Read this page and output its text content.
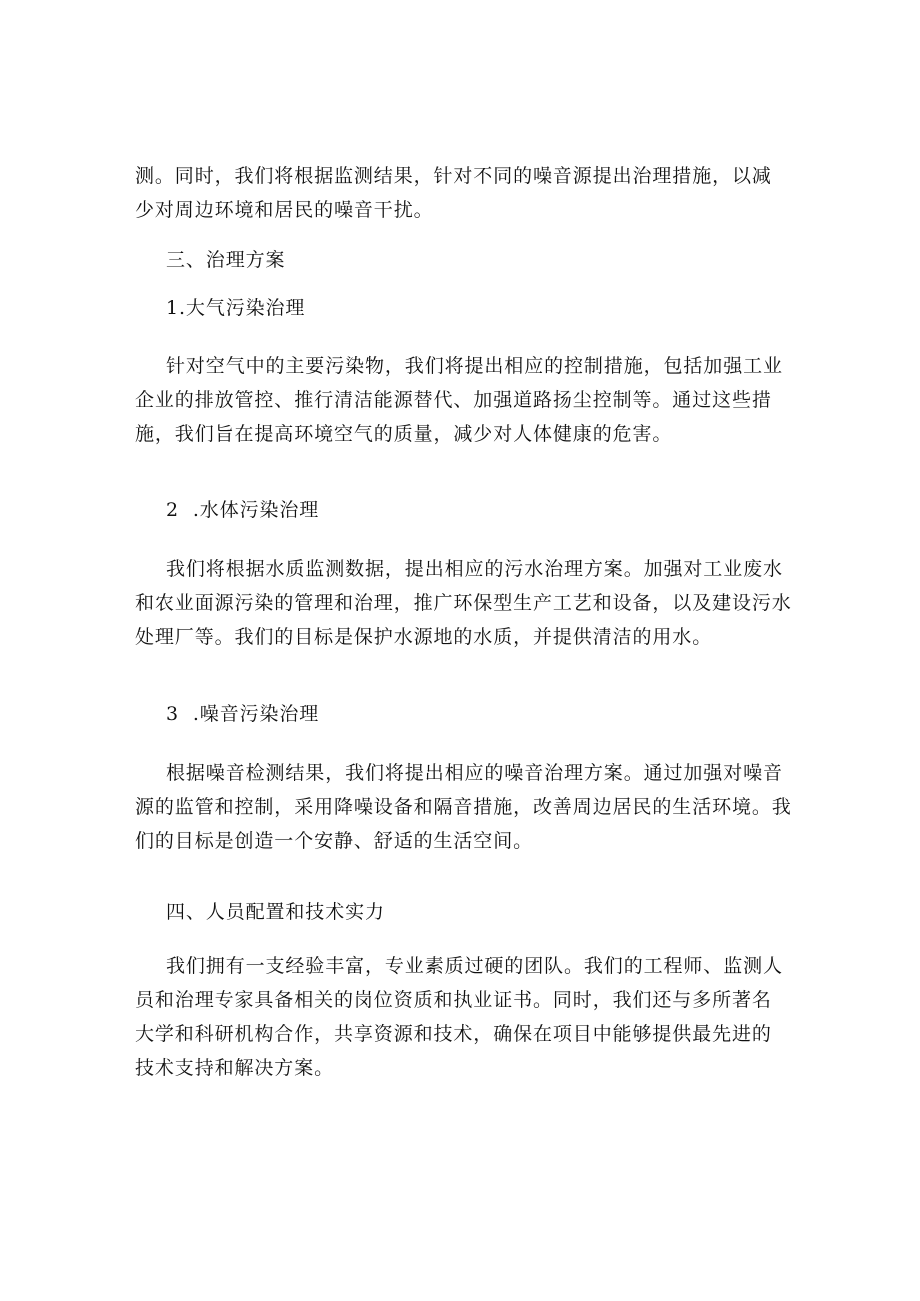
测。同时，我们将根据监测结果，针对不同的噪音源提出治理措施，以减
少对周边环境和居民的噪音干扰。
三、治理方案
1.大气污染治理
针对空气中的主要污染物，我们将提出相应的控制措施，包括加强工业
企业的排放管控、推行清洁能源替代、加强道路扬尘控制等。通过这些措
施，我们旨在提高环境空气的质量，减少对人体健康的危害。
2  .水体污染治理
我们将根据水质监测数据，提出相应的污水治理方案。加强对工业废水
和农业面源污染的管理和治理，推广环保型生产工艺和设备，以及建设污水
处理厂等。我们的目标是保护水源地的水质，并提供清洁的用水。
3  .噪音污染治理
根据噪音检测结果，我们将提出相应的噪音治理方案。通过加强对噪音
源的监管和控制，采用降噪设备和隔音措施，改善周边居民的生活环境。我
们的目标是创造一个安静、舒适的生活空间。
四、人员配置和技术实力
我们拥有一支经验丰富，专业素质过硬的团队。我们的工程师、监测人
员和治理专家具备相关的岗位资质和执业证书。同时，我们还与多所著名
大学和科研机构合作，共享资源和技术，确保在项目中能够提供最先进的
技术支持和解决方案。
